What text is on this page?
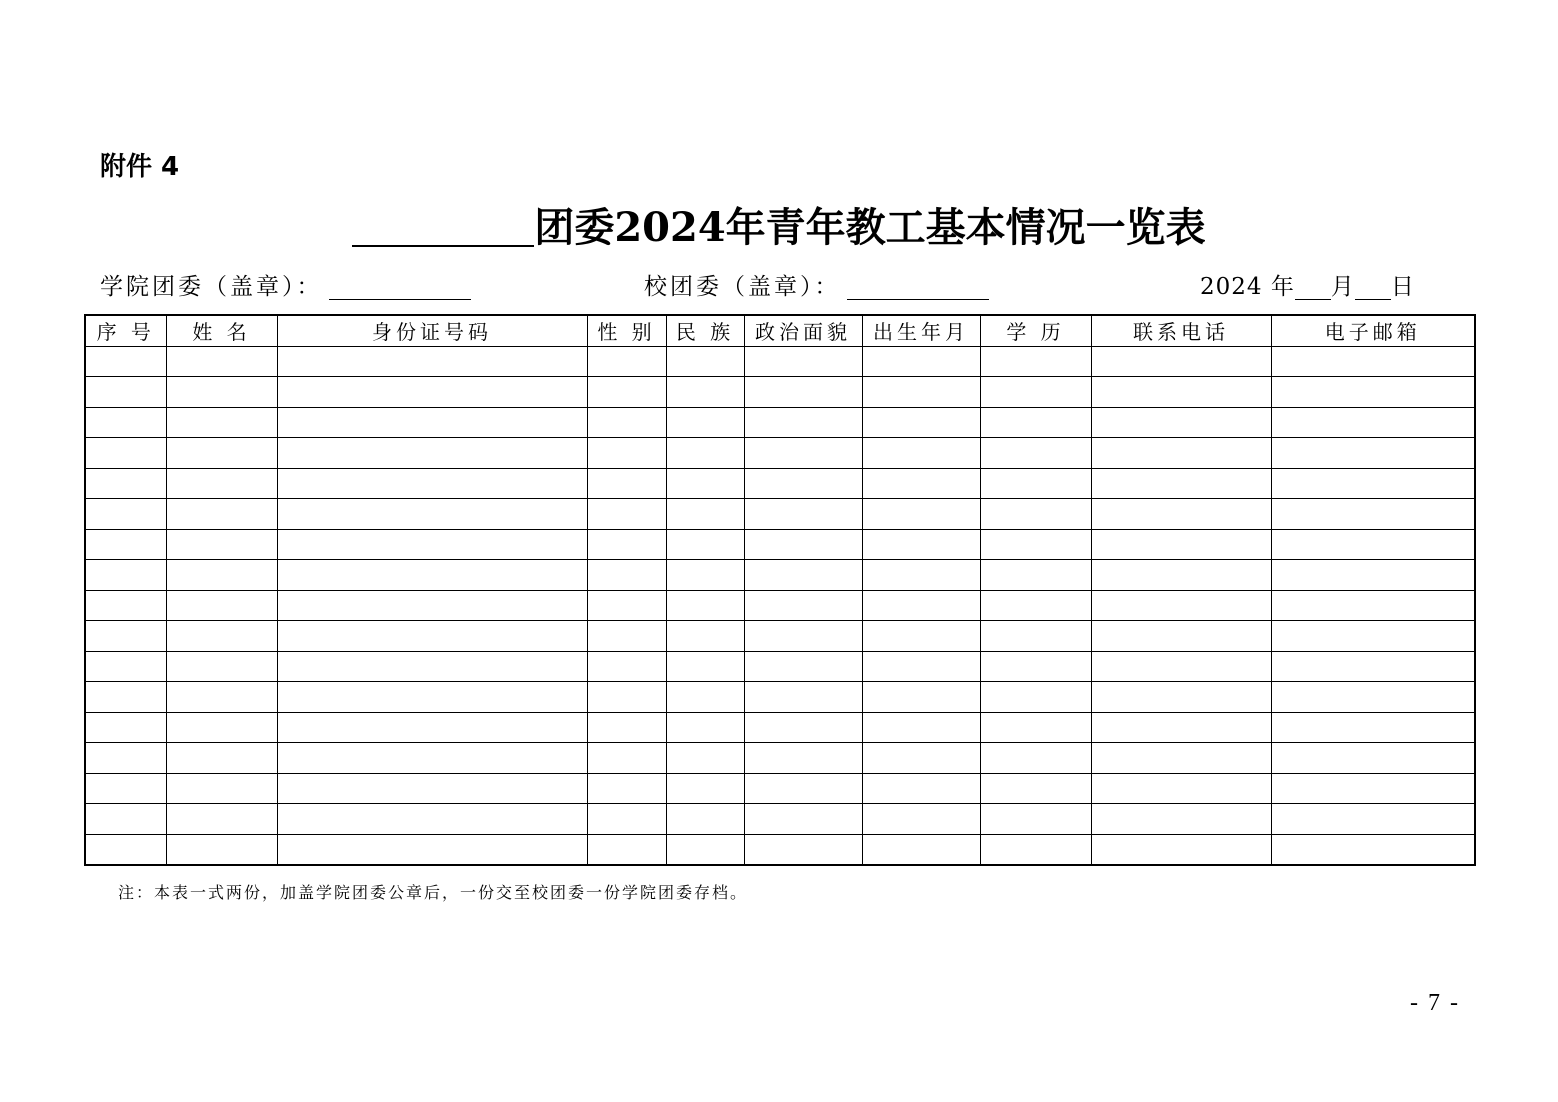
附件 4
团委2024年青年教工基本情况一览表
学院团委（盖章）：	校团委（盖章）：	2024 年 月 日
序 号	姓 名	身份证号码	性 别	民 族	政治面貌	出生年月	学 历	联系电话	电子邮箱

注：本表一式两份，加盖学院团委公章后，一份交至校团委一份学院团委存档。
- 7 -
